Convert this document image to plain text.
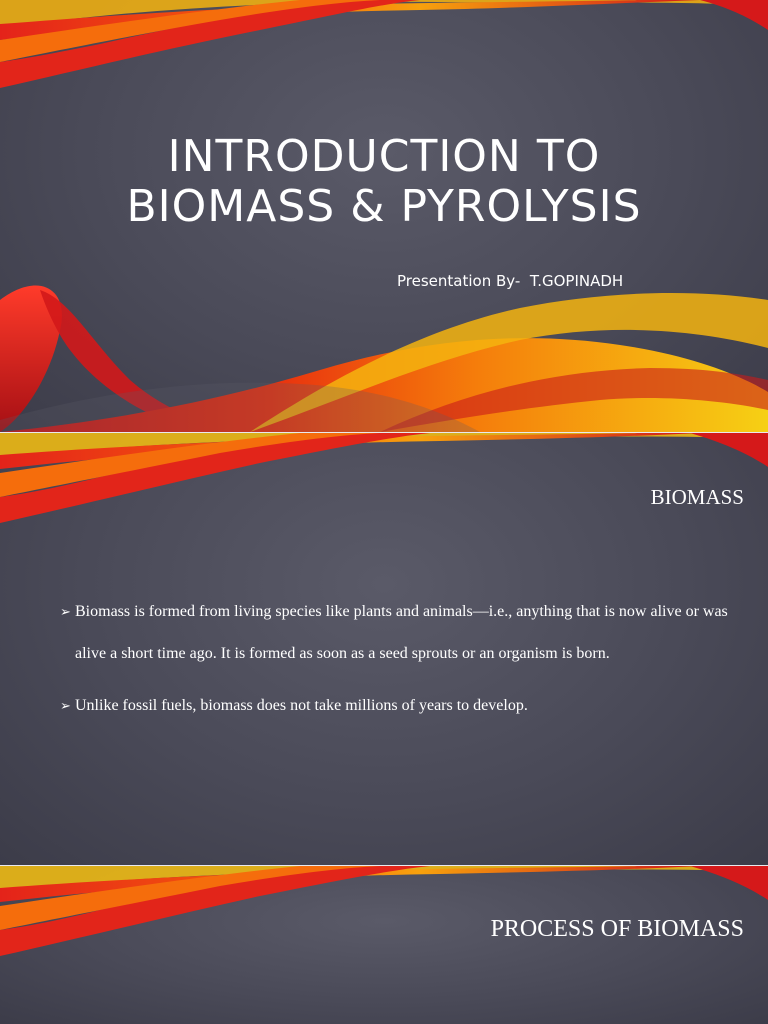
INTRODUCTION TO BIOMASS & PYROLYSIS
Presentation By-  T.GOPINADH
BIOMASS
➢ Biomass is formed from living species like plants and animals—i.e., anything that is now alive or was alive a short time ago. It is formed as soon as a seed sprouts or an organism is born.
➢ Unlike fossil fuels, biomass does not take millions of years to develop.
PROCESS OF BIOMASS
